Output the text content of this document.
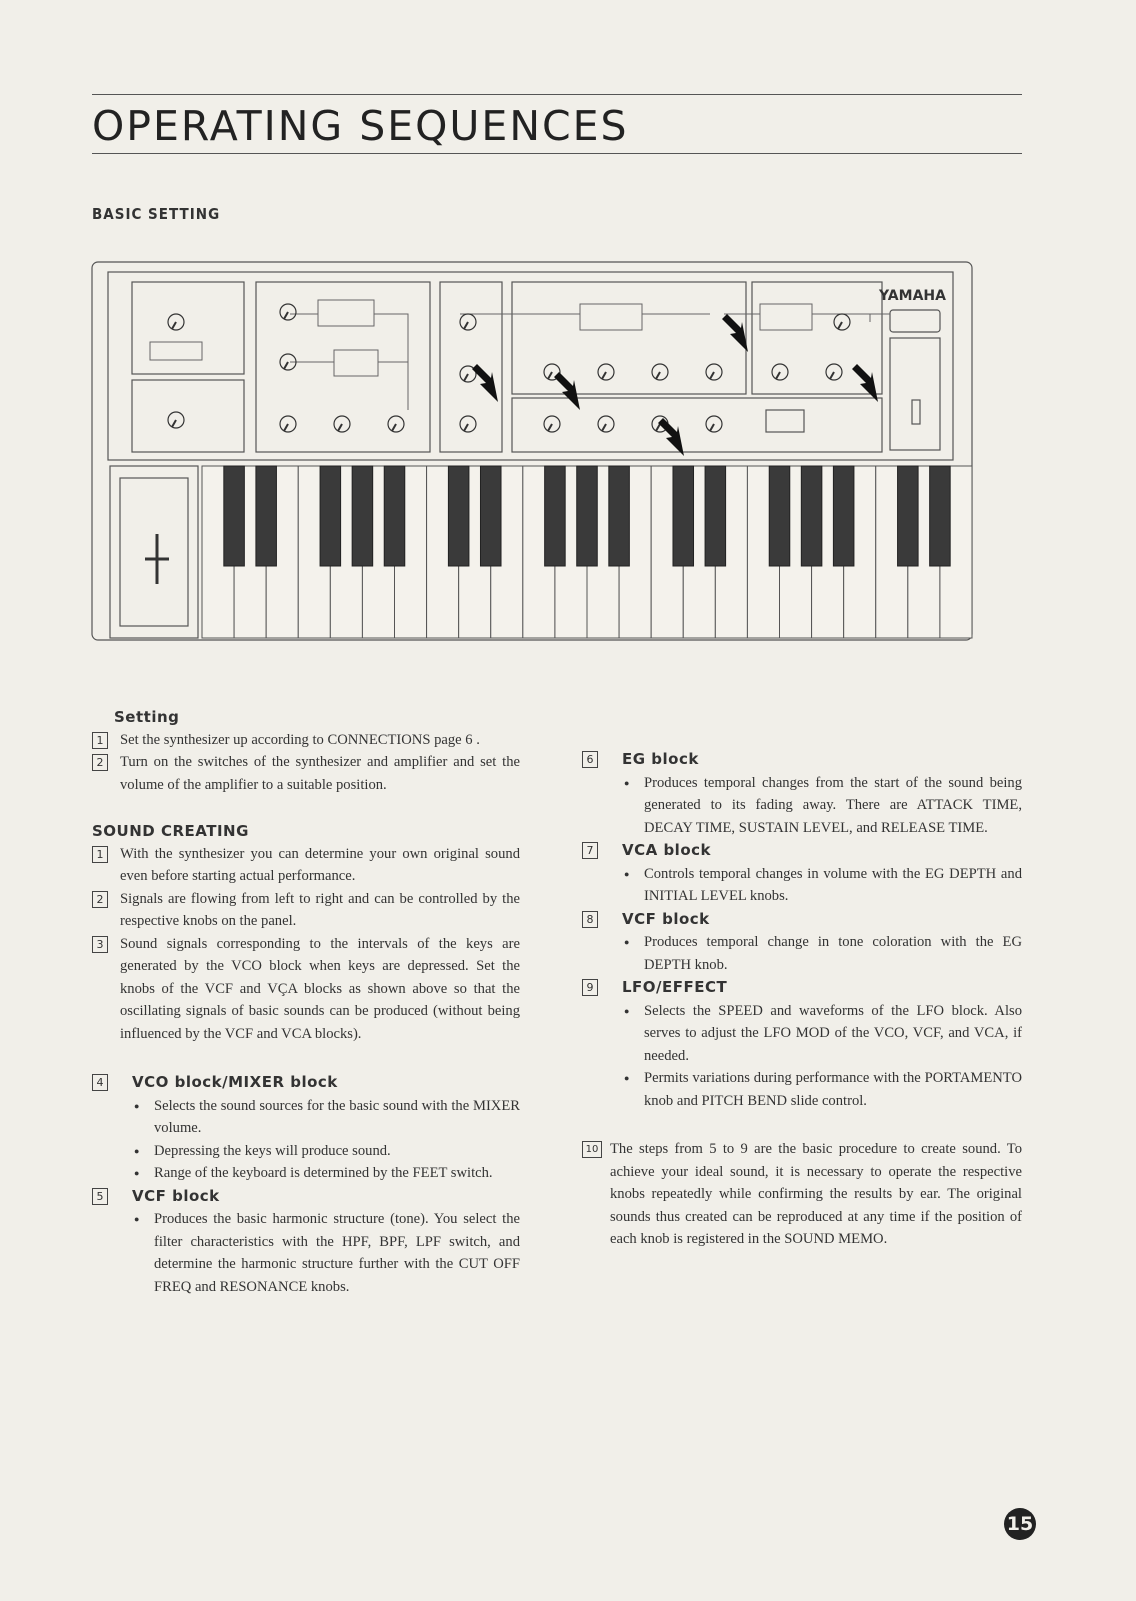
OPERATING SEQUENCES
BASIC SETTING
YAMAHA
Setting
1	Set the synthesizer up according to CONNECTIONS page 6 .

2	Turn on the switches of the synthesizer and amplifier and set the volume of the amplifier to a suitable position.

SOUND CREATING
1	With the synthesizer you can determine your own original sound even before starting actual performance.

2	Signals are flowing from left to right and can be controlled by the respective knobs on the panel.

3	Sound signals corresponding to the intervals of the keys are generated by the VCO block when keys are depressed. Set the knobs of the VCF and VÇA blocks as shown above so that the oscillating signals of basic sounds can be produced (without being influenced by the VCF and VCA blocks).

4	VCO block/MIXER block

● Selects the sound sources for the basic sound with the MIXER volume.

● Depressing the keys will produce sound.

● Range of the keyboard is determined by the FEET switch.

5	VCF block

● Produces the basic harmonic structure (tone). You select the filter characteristics with the HPF, BPF, LPF switch, and determine the harmonic structure further with the CUT OFF FREQ and RESONANCE knobs.

6	EG block

● Produces temporal changes from the start of the sound being generated to its fading away. There are ATTACK TIME, DECAY TIME, SUSTAIN LEVEL, and RELEASE TIME.

7	VCA block

● Controls temporal changes in volume with the EG DEPTH and INITIAL LEVEL knobs.

8	VCF block

● Produces temporal change in tone coloration with the EG DEPTH knob.

9	LFO/EFFECT

● Selects the SPEED and waveforms of the LFO block. Also serves to adjust the LFO MOD of the VCO, VCF, and VCA, if needed.

● Permits variations during performance with the PORTAMENTO knob and PITCH BEND slide control.

10 The steps from 5 to 9 are the basic procedure to create sound. To achieve your ideal sound, it is necessary to operate the respective knobs repeatedly while confirming the results by ear. The original sounds thus created can be reproduced at any time if the position of each knob is registered in the SOUND MEMO.

15
